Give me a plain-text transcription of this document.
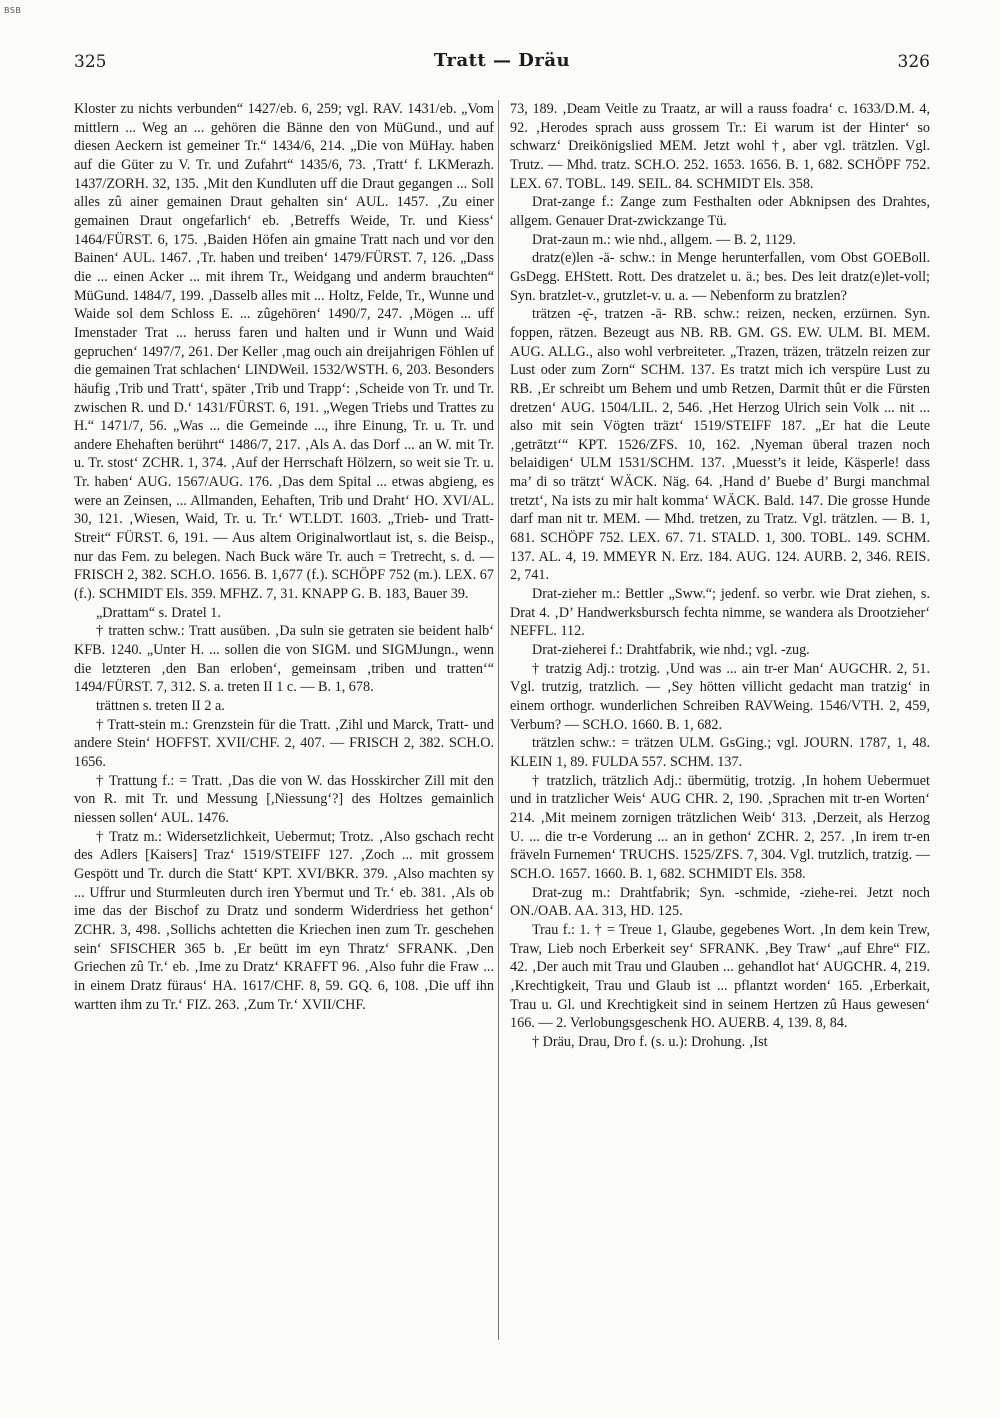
BSB
325	Tratt — Dräu	326

Kloster zu nichts verbunden“ 1427/eb. 6, 259; vgl. RAV. 1431/eb. „Vom mittlern ... Weg an ... gehören die Bänne den von MüGund., und auf diesen Aeckern ist gemeiner Tr.“ 1434/6, 214. „Die von MüHay. haben auf die Güter zu V. Tr. und Zufahrt“ 1435/6, 73. ‚Tratt‘ f. LKMerazh. 1437/ZORH. 32, 135. ‚Mit den Kundluten uff die Draut gegangen ... Soll alles zû ainer gemainen Draut gehalten sin‘ AUL. 1457. ‚Zu einer gemainen Draut ongefarlich‘ eb. ‚Betreffs Weide, Tr. und Kiess‘ 1464/FÜRST. 6, 175. ‚Baiden Höfen ain gmaine Tratt nach und vor den Bainen‘ AUL. 1467. ‚Tr. haben und treiben‘ 1479/FÜRST. 7, 126. „Dass die ... einen Acker ... mit ihrem Tr., Weidgang und anderm brauchten“ MüGund. 1484/7, 199. ‚Dasselb alles mit ... Holtz, Felde, Tr., Wunne und Waide sol dem Schloss E. ... zûgehören‘ 1490/7, 247. ‚Mögen ... uff Imenstader Trat ... heruss faren und halten und ir Wunn und Waid gepruchen‘ 1497/7, 261. Der Keller ‚mag ouch ain dreijahrigen Föhlen uf die gemainen Trat schlachen‘ LINDWeil. 1532/WSTH. 6, 203. Besonders häufig ‚Trib und Tratt‘, später ‚Trib und Trapp‘: ‚Scheide von Tr. und Tr. zwischen R. und D.‘ 1431/FÜRST. 6, 191. „Wegen Triebs und Trattes zu H.“ 1471/7, 56. „Was ... die Gemeinde ..., ihre Einung, Tr. u. Tr. und andere Ehehaften berührt“ 1486/7, 217. ‚Als A. das Dorf ... an W. mit Tr. u. Tr. stost‘ ZCHR. 1, 374. ‚Auf der Herrschaft Hölzern, so weit sie Tr. u. Tr. haben‘ AUG. 1567/AUG. 176. ‚Das dem Spital ... etwas abgieng, es were an Zeinsen, ... Allmanden, Eehaften, Trib und Draht‘ HO. XVI/AL. 30, 121. ‚Wiesen, Waid, Tr. u. Tr.‘ WT.LDT. 1603. „Trieb- und Tratt-Streit“ FÜRST. 6, 191. — Aus altem Originalwortlaut ist, s. die Beisp., nur das Fem. zu belegen. Nach Buck wäre Tr. auch = Tretrecht, s. d. — FRISCH 2, 382. SCH.O. 1656. B. 1,677 (f.). SCHÖPF 752 (m.). LEX. 67 (f.). SCHMIDT Els. 359. MFHZ. 7, 31. KNAPP G. B. 183, Bauer 39.

„Drattam“ s. Dratel 1.

† tratten schw.: Tratt ausüben. ‚Da suln sie getraten sie beident halb‘ KFB. 1240. „Unter H. ... sollen die von SIGM. und SIGMJungn., wenn die letzteren ‚den Ban erloben‘, gemeinsam ‚triben und tratten‘“ 1494/FÜRST. 7, 312. S. a. treten II 1 c. — B. 1, 678.

trättnen s. treten II 2 a.

† Tratt-stein m.: Grenzstein für die Tratt. ‚Zihl und Marck, Tratt- und andere Stein‘ HOFFST. XVII/CHF. 2, 407. — FRISCH 2, 382. SCH.O. 1656.

† Trattung f.: = Tratt. ‚Das die von W. das Hosskircher Zill mit den von R. mit Tr. und Messung [,Niessung‘?] des Holtzes gemainlich niessen sollen‘ AUL. 1476.

† Tratz m.: Widersetzlichkeit, Uebermut; Trotz. ‚Also gschach recht des Adlers [Kaisers] Traz‘ 1519/STEIFF 127. ‚Zoch ... mit grossem Gespött und Tr. durch die Statt‘ KPT. XVI/BKR. 379. ‚Also machten sy ... Uffrur und Sturmleuten durch iren Ybermut und Tr.‘ eb. 381. ‚Als ob ime das der Bischof zu Dratz und sonderm Widerdriess het gethon‘ ZCHR. 3, 498. ‚Sollichs achtetten die Kriechen inen zum Tr. geschehen sein‘ SFISCHER 365 b. ‚Er beütt im eyn Thratz‘ SFRANK. ‚Den Griechen zû Tr.‘ eb. ‚Ime zu Dratz‘ KRAFFT 96. ‚Also fuhr die Fraw ... in einem Dratz füraus‘ HA. 1617/CHF. 8, 59. GQ. 6, 108. ‚Die uff ihn wartten ihm zu Tr.‘ FIZ. 263. ‚Zum Tr.‘ XVII/CHF.

73, 189. ‚Deam Veitle zu Traatz, ar will a rauss foadra‘ c. 1633/D.M. 4, 92. ‚Herodes sprach auss grossem Tr.: Ei warum ist der Hinter‘ so schwarz‘ Dreikönigslied MEM. Jetzt wohl †, aber vgl. trätzlen. Vgl. Trutz. — Mhd. tratz. SCH.O. 252. 1653. 1656. B. 1, 682. SCHÖPF 752. LEX. 67. TOBL. 149. SEIL. 84. SCHMIDT Els. 358.

Drat-zange f.: Zange zum Festhalten oder Abknipsen des Drahtes, allgem. Genauer Drat-zwickzange Tü.

Drat-zaun m.: wie nhd., allgem. — B. 2, 1129.

dratz(e)len -ä- schw.: in Menge herunterfallen, vom Obst GOEBoll. GsDegg. EHStett. Rott. Des dratzelet u. ä.; bes. Des leit dratz(e)let-voll; Syn. bratzlet-v., grutzlet-v. u. a. — Nebenform zu bratzlen?

trätzen -ę̄-, tratzen -ā- RB. schw.: reizen, necken, erzürnen. Syn. foppen, rätzen. Bezeugt aus NB. RB. GM. GS. EW. ULM. BI. MEM. AUG. ALLG., also wohl verbreiteter. „Trazen, träzen, trätzeln reizen zur Lust oder zum Zorn“ SCHM. 137. Es tratzt mich ich verspüre Lust zu RB. ‚Er schreibt um Behem und umb Retzen, Darmit thût er die Fürsten dretzen‘ AUG. 1504/LIL. 2, 546. ‚Het Herzog Ulrich sein Volk ... nit ... also mit sein Vögten träzt‘ 1519/STEIFF 187. „Er hat die Leute ‚getrātzt‘“ KPT. 1526/ZFS. 10, 162. ‚Nyeman überal trazen noch belaidigen‘ ULM 1531/SCHM. 137. ‚Muesst’s it leide, Käsperle! dass ma’ di so trätzt‘ WÄCK. Näg. 64. ‚Hand d’ Buebe d’ Burgi manchmal tretzt‘, Na ists zu mir halt komma‘ WÄCK. Bald. 147. Die grosse Hunde darf man nit tr. MEM. — Mhd. tretzen, zu Tratz. Vgl. trätzlen. — B. 1, 681. SCHÖPF 752. LEX. 67. 71. STALD. 1, 300. TOBL. 149. SCHM. 137. AL. 4, 19. MMEYR N. Erz. 184. AUG. 124. AURB. 2, 346. REIS. 2, 741.

Drat-zieher m.: Bettler „Sww.“; jedenf. so verbr. wie Drat ziehen, s. Drat 4. ‚D’ Handwerksbursch fechta nimme, se wandera als Drootzieher‘ NEFFL. 112.

Drat-zieherei f.: Drahtfabrik, wie nhd.; vgl. -zug.

† tratzig Adj.: trotzig. ‚Und was ... ain tr-er Man‘ AUGCHR. 2, 51. Vgl. trutzig, tratzlich. — ‚Sey hötten villicht gedacht man tratzig‘ in einem orthogr. wunderlichen Schreiben RAVWeing. 1546/VTH. 2, 459, Verbum? — SCH.O. 1660. B. 1, 682.

trätzlen schw.: = trätzen ULM. GsGing.; vgl. JOURN. 1787, 1, 48. KLEIN 1, 89. FULDA 557. SCHM. 137.

† tratzlich, trätzlich Adj.: übermütig, trotzig. ‚In hohem Uebermuet und in tratzlicher Weis‘ AUG CHR. 2, 190. ‚Sprachen mit tr-en Worten‘ 214. ‚Mit meinem zornigen trätzlichen Weib‘ 313. ‚Derzeit, als Herzog U. ... die tr-e Vorderung ... an in gethon‘ ZCHR. 2, 257. ‚In irem tr-en fräveln Furnemen‘ TRUCHS. 1525/ZFS. 7, 304. Vgl. trutzlich, tratzig. — SCH.O. 1657. 1660. B. 1, 682. SCHMIDT Els. 358.

Drat-zug m.: Drahtfabrik; Syn. -schmide, -ziehe-rei. Jetzt noch ON./OAB. AA. 313, HD. 125.

Trau f.: 1. † = Treue 1, Glaube, gegebenes Wort. ‚In dem kein Trew, Traw, Lieb noch Erberkeit sey‘ SFRANK. ‚Bey Traw‘ „auf Ehre“ FIZ. 42. ‚Der auch mit Trau und Glauben ... gehandlot hat‘ AUGCHR. 4, 219. ‚Krechtigkeit, Trau und Glaub ist ... pflantzt worden‘ 165. ‚Erberkait, Trau u. Gl. und Krechtigkeit sind in seinem Hertzen zû Haus gewesen‘ 166. — 2. Verlobungsgeschenk HO. AUERB. 4, 139. 8, 84.

† Dräu, Drau, Dro f. (s. u.): Drohung. ‚Ist
